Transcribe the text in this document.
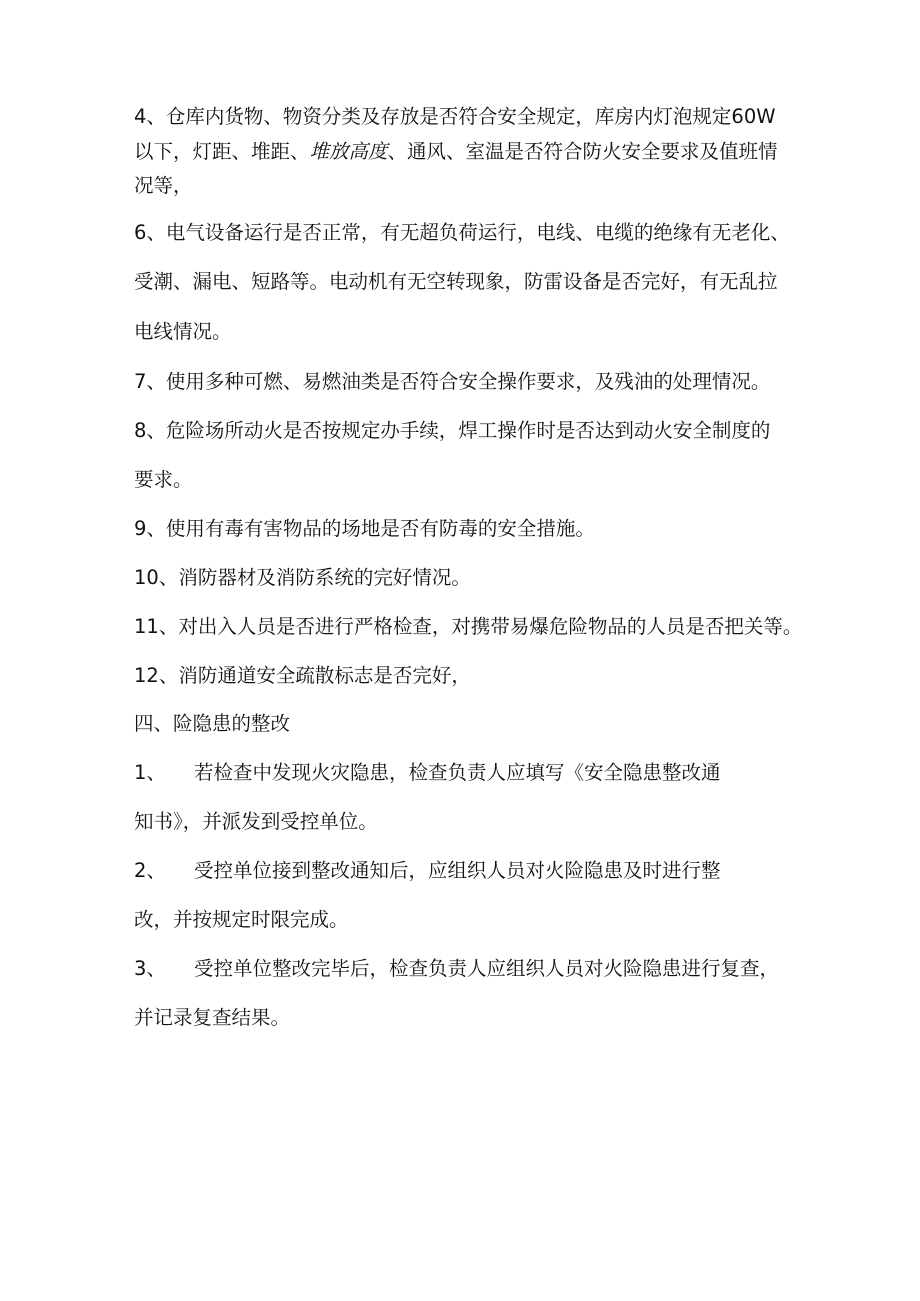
4、仓库内货物、物资分类及存放是否符合安全规定，库房内灯泡规定60W
以下，灯距、堆距、堆放高度、通风、室温是否符合防火安全要求及值班情
况等，
6、电气设备运行是否正常，有无超负荷运行，电线、电缆的绝缘有无老化、
受潮、漏电、短路等。电动机有无空转现象，防雷设备是否完好，有无乱拉
电线情况。
7、使用多种可燃、易燃油类是否符合安全操作要求，及残油的处理情况。
8、危险场所动火是否按规定办手续，焊工操作时是否达到动火安全制度的
要求。
9、使用有毒有害物品的场地是否有防毒的安全措施。
10、消防器材及消防系统的完好情况。
11、对出入人员是否进行严格检查，对携带易爆危险物品的人员是否把关等。
12、消防通道安全疏散标志是否完好，
四、险隐患的整改
1、 若检查中发现火灾隐患，检查负责人应填写《安全隐患整改通
知书》，并派发到受控单位。
2、 受控单位接到整改通知后，应组织人员对火险隐患及时进行整
改，并按规定时限完成。
3、 受控单位整改完毕后，检查负责人应组织人员对火险隐患进行复查，
并记录复查结果。
